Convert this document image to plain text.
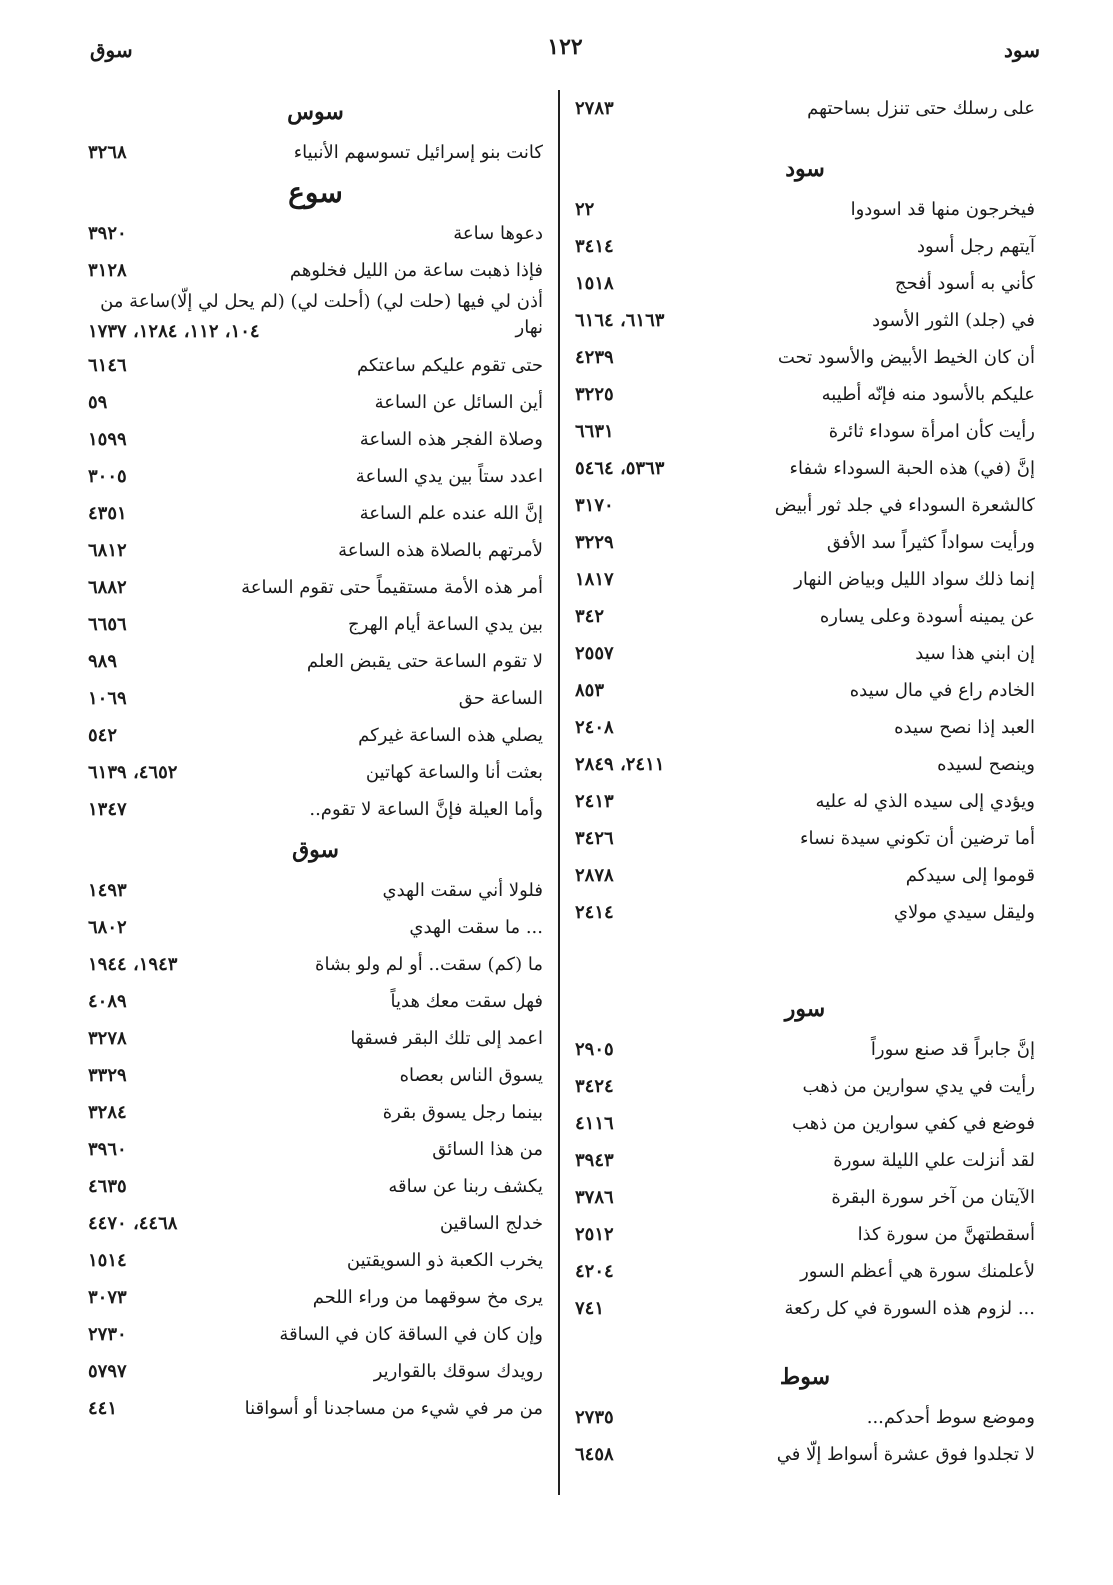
سود
١٢٢
سوق
على رسلك حتى تنزل بساحتهم
٢٧٨٣
سود
فيخرجون منها قد اسودوا
٢٢
آيتهم رجل أسود
٣٤١٤
كأني به أسود أفحج
١٥١٨
في (جلد) الثور الأسود
٦١٦٣، ٦١٦٤
أن كان الخيط الأبيض والأسود تحت
٤٢٣٩
عليكم بالأسود منه فإنّه أطيبه
٣٢٢٥
رأيت كأن امرأة سوداء ثائرة
٦٦٣١
إنَّ (في) هذه الحبة السوداء شفاء
٥٣٦٣، ٥٤٦٤
كالشعرة السوداء في جلد ثور أبيض
٣١٧٠
ورأيت سواداً كثيراً سد الأفق
٣٢٢٩
إنما ذلك سواد الليل وبياض النهار
١٨١٧
عن يمينه أسودة وعلى يساره
٣٤٢
إن ابني هذا سيد
٢٥٥٧
الخادم راع في مال سيده
٨٥٣
العبد إذا نصح سيده
٢٤٠٨
وينصح لسيده
٢٤١١، ٢٨٤٩
ويؤدي إلى سيده الذي له عليه
٢٤١٣
أما ترضين أن تكوني سيدة نساء
٣٤٢٦
قوموا إلى سيدكم
٢٨٧٨
وليقل سيدي مولاي
٢٤١٤
سور
إنَّ جابراً قد صنع سوراً
٢٩٠٥
رأيت في يدي سوارين من ذهب
٣٤٢٤
فوضع في كفي سوارين من ذهب
٤١١٦
لقد أنزلت علي الليلة سورة
٣٩٤٣
الآيتان من آخر سورة البقرة
٣٧٨٦
أسقطتهنَّ من سورة كذا
٢٥١٢
لأعلمنك سورة هي أعظم السور
٤٢٠٤
... لزوم هذه السورة في كل ركعة
٧٤١
سوط
وموضع سوط أحدكم...
٢٧٣٥
لا تجلدوا فوق عشرة أسواط إلّا في
٦٤٥٨
سوس
كانت بنو إسرائيل تسوسهم الأنبياء
٣٢٦٨
سوع
دعوها ساعة
٣٩٢٠
فإذا ذهبت ساعة من الليل فخلوهم
٣١٢٨
أذن لي فيها (حلت لي) (أحلت لي) (لم يحل لي إلّا)ساعة من نهار
١٠٤، ١١٢، ١٢٨٤، ١٧٣٧
حتى تقوم عليكم ساعتكم
٦١٤٦
أين السائل عن الساعة
٥٩
وصلاة الفجر هذه الساعة
١٥٩٩
اعدد ستاً بين يدي الساعة
٣٠٠٥
إنَّ الله عنده علم الساعة
٤٣٥١
لأمرتهم بالصلاة هذه الساعة
٦٨١٢
أمر هذه الأمة مستقيماً حتى تقوم الساعة
٦٨٨٢
بين يدي الساعة أيام الهرج
٦٦٥٦
لا تقوم الساعة حتى يقبض العلم
٩٨٩
الساعة حق
١٠٦٩
يصلي هذه الساعة غيركم
٥٤٢
بعثت أنا والساعة كهاتين
٤٦٥٢، ٦١٣٩
وأما العيلة فإنَّ الساعة لا تقوم..
١٣٤٧
سوق
فلولا أني سقت الهدي
١٤٩٣
... ما سقت الهدي
٦٨٠٢
ما (كم) سقت.. أو لم ولو بشاة
١٩٤٣، ١٩٤٤
فهل سقت معك هدياً
٤٠٨٩
اعمد إلى تلك البقر فسقها
٣٢٧٨
يسوق الناس بعصاه
٣٣٢٩
بينما رجل يسوق بقرة
٣٢٨٤
من هذا السائق
٣٩٦٠
يكشف ربنا عن ساقه
٤٦٣٥
خدلج الساقين
٤٤٦٨، ٤٤٧٠
يخرب الكعبة ذو السويقتين
١٥١٤
يرى مخ سوقهما من وراء اللحم
٣٠٧٣
وإن كان في الساقة كان في الساقة
٢٧٣٠
رويدك سوقك بالقوارير
٥٧٩٧
من مر في شيء من مساجدنا أو أسواقنا
٤٤١
